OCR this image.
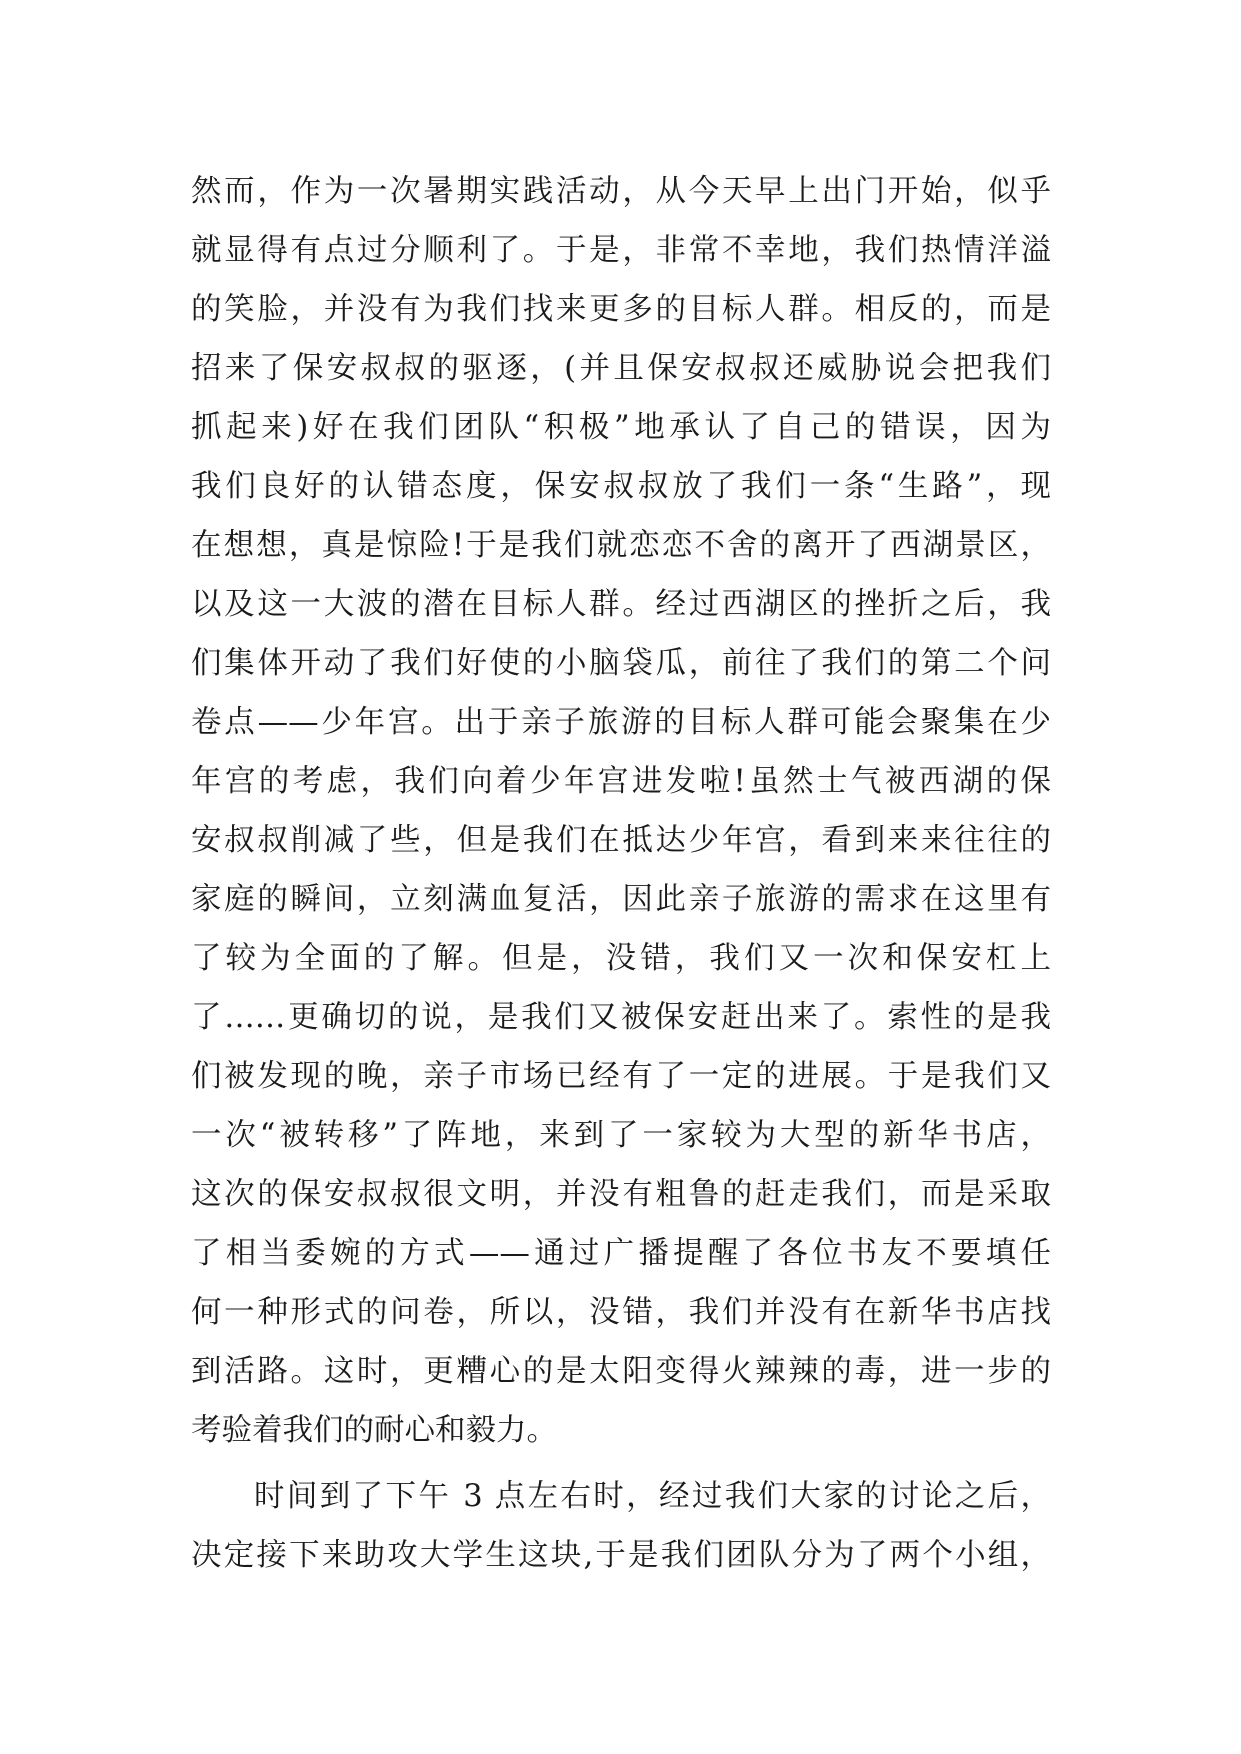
然而，作为一次暑期实践活动，从今天早上出门开始，似乎
就显得有点过分顺利了。于是，非常不幸地，我们热情洋溢
的笑脸，并没有为我们找来更多的目标人群。相反的，而是
招来了保安叔叔的驱逐，(并且保安叔叔还威胁说会把我们
抓起来)好在我们团队“积极”地承认了自己的错误，因为
我们良好的认错态度，保安叔叔放了我们一条“生路”，现
在想想，真是惊险!于是我们就恋恋不舍的离开了西湖景区，
以及这一大波的潜在目标人群。经过西湖区的挫折之后，我
们集体开动了我们好使的小脑袋瓜，前往了我们的第二个问
卷点——少年宫。出于亲子旅游的目标人群可能会聚集在少
年宫的考虑，我们向着少年宫进发啦!虽然士气被西湖的保
安叔叔削减了些，但是我们在抵达少年宫，看到来来往往的
家庭的瞬间，立刻满血复活，因此亲子旅游的需求在这里有
了较为全面的了解。但是，没错，我们又一次和保安杠上
了……更确切的说，是我们又被保安赶出来了。索性的是我
们被发现的晚，亲子市场已经有了一定的进展。于是我们又
一次“被转移”了阵地，来到了一家较为大型的新华书店，
这次的保安叔叔很文明，并没有粗鲁的赶走我们，而是采取
了相当委婉的方式——通过广播提醒了各位书友不要填任
何一种形式的问卷，所以，没错，我们并没有在新华书店找
到活路。这时，更糟心的是太阳变得火辣辣的毒，进一步的
考验着我们的耐心和毅力。
时间到了下午 3 点左右时，经过我们大家的讨论之后，
决定接下来助攻大学生这块,于是我们团队分为了两个小组，
